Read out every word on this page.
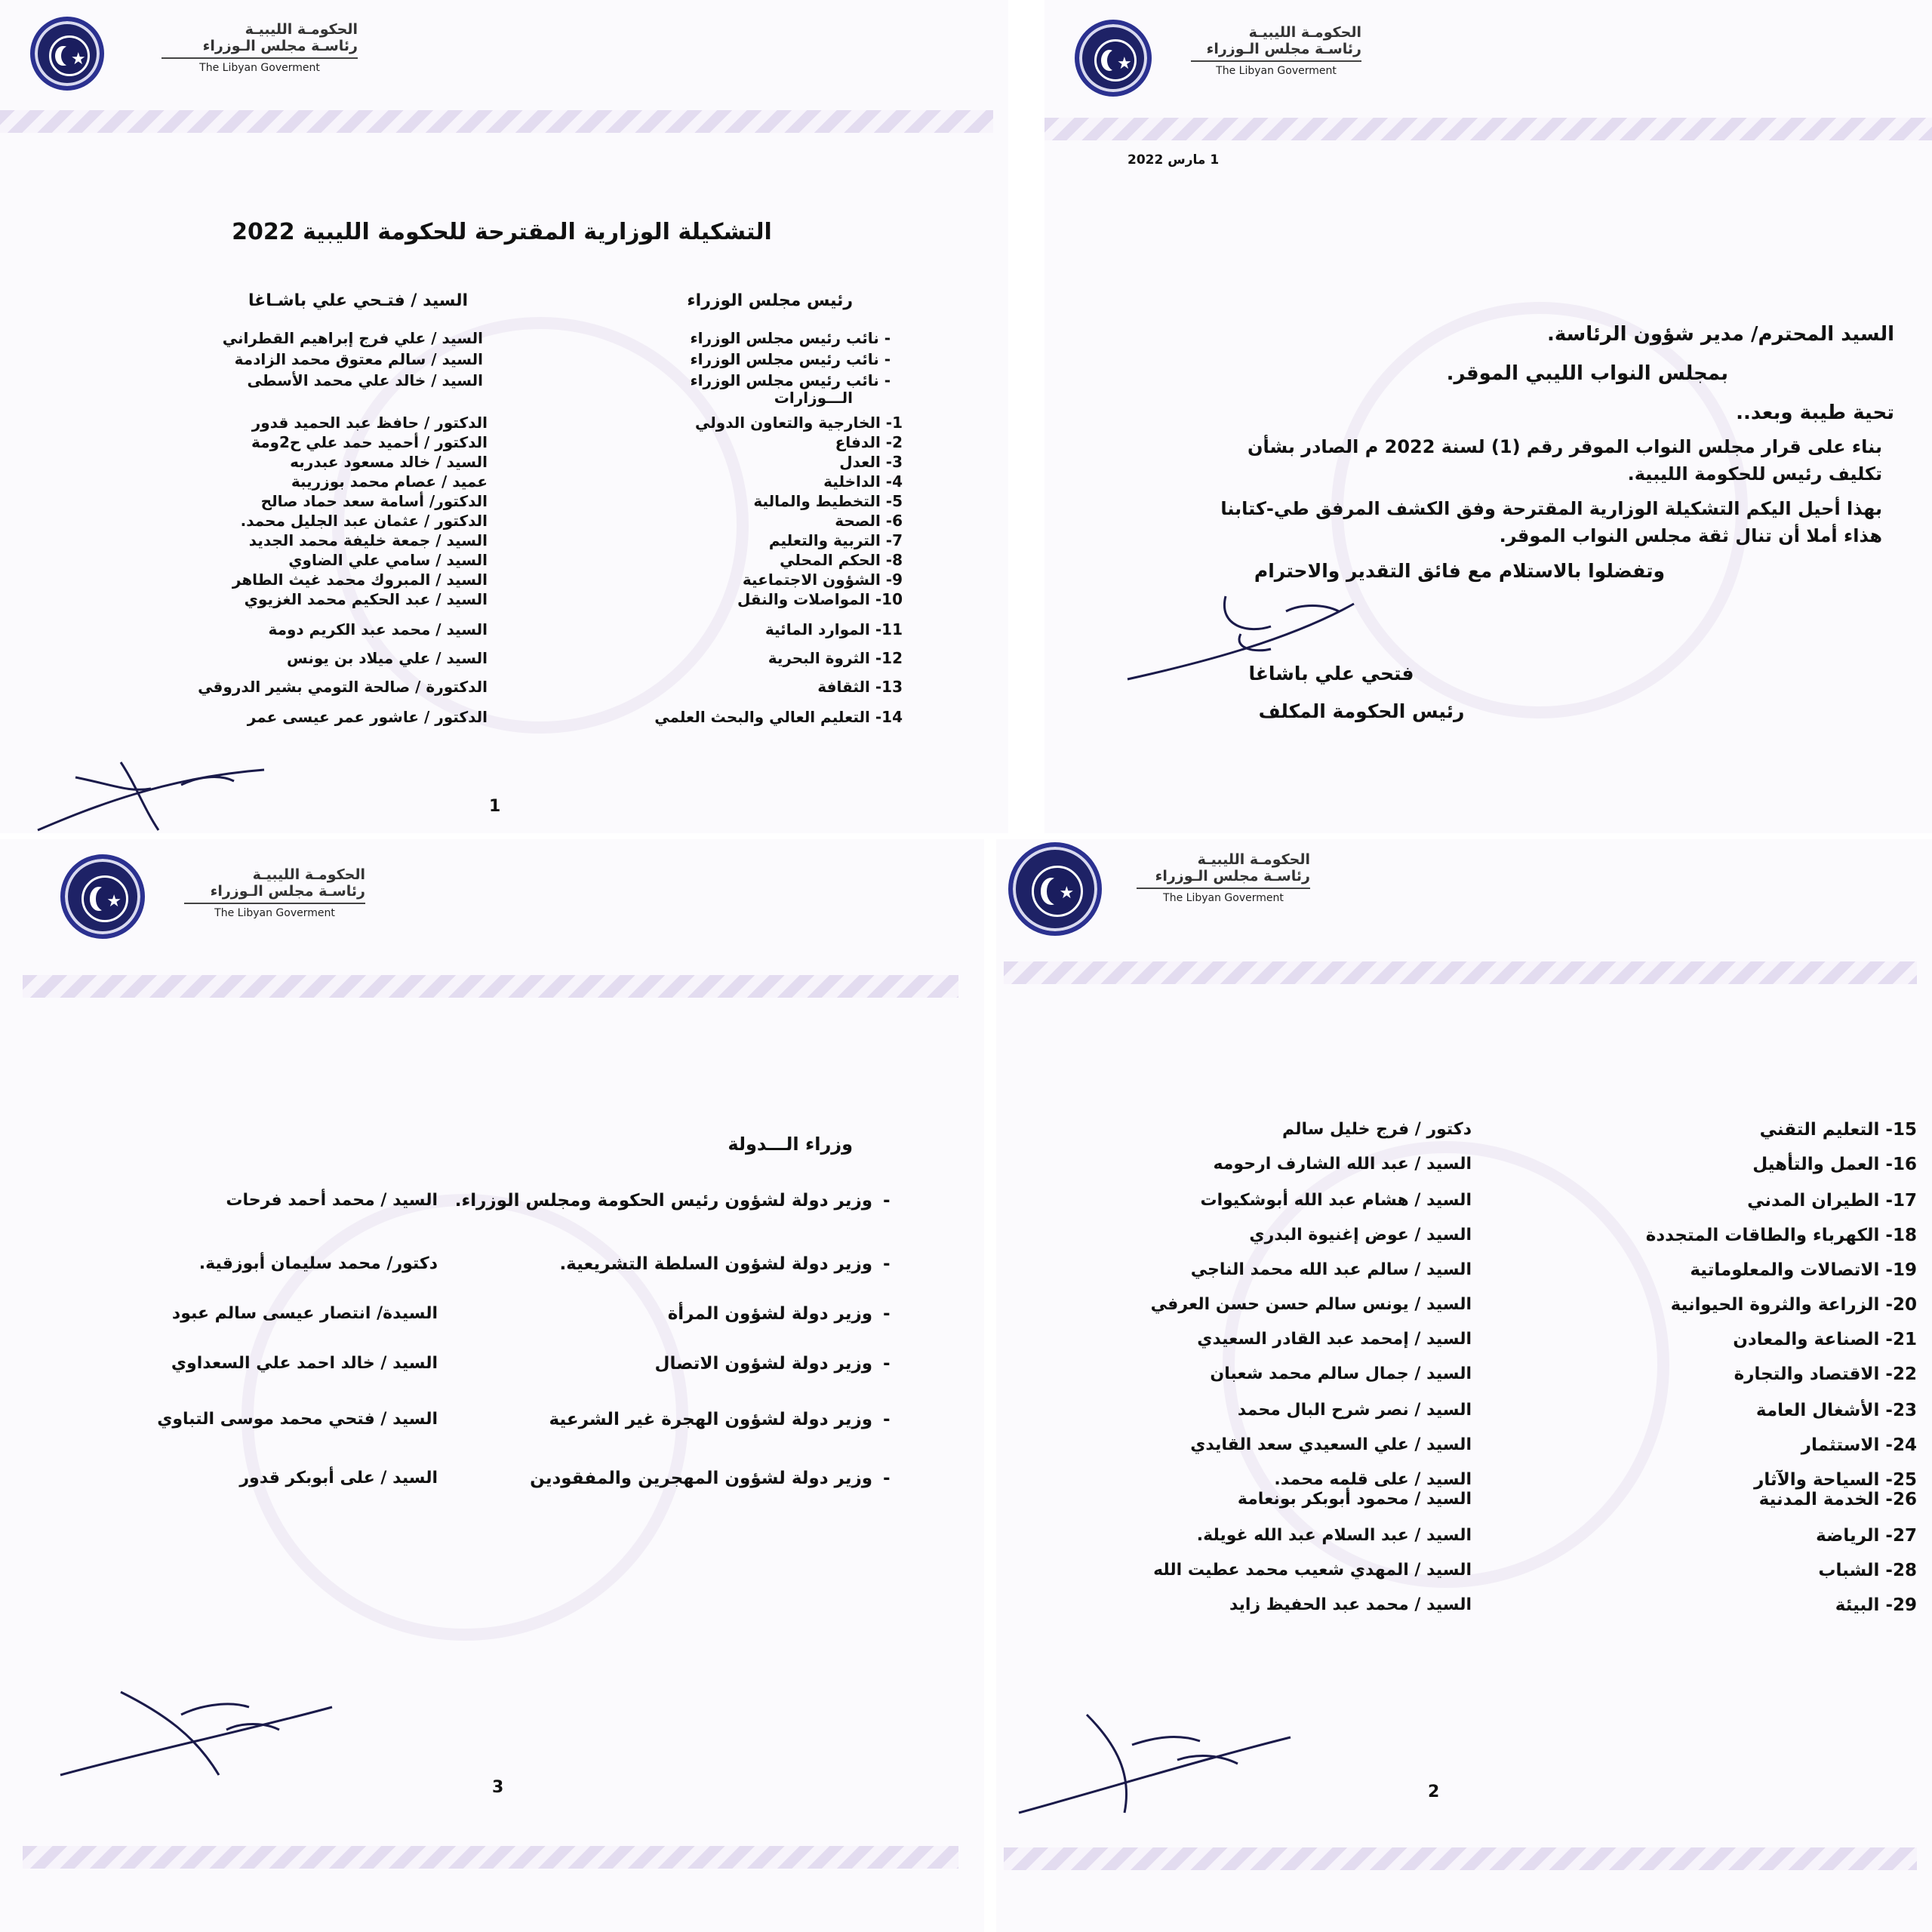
★
الحكومـة الليبيـة
رئاسـة مجلس الـوزراء
The Libyan Goverment
التشكيلة الوزارية المقترحة للحكومة الليبية 2022
رئيس مجلس الوزراء
السيد / فتـحي علي باشـاغا
- نائب رئيس مجلس الوزراء
السيد / علي فرج إبراهيم القطراني
- نائب رئيس مجلس الوزراء
السيد / سالم معتوق محمد الزادمة
- نائب رئيس مجلس الوزراء
السيد / خالد علي محمد الأسطى
1- الخارجية والتعاون الدولي
الدكتور / حافظ عبد الحميد قدور
2- الدفاع
الدكتور / أحميد حمد علي ح2ومة
3- العدل
السيد / خالد مسعود عبدربه
4- الداخلية
عميد / عصام محمد بوزريبة
5- التخطيط والمالية
الدكتور/ أسامة سعد حماد صالح
6- الصحة
الدكتور / عثمان عبد الجليل محمد.
7- التربية والتعليم
السيد / جمعة خليفة محمد الجديد
8- الحكم المحلي
السيد / سامي علي الضاوي
9- الشؤون الاجتماعية
السيد / المبروك محمد غيث الطاهر
10- المواصلات والنقل
السيد / عبد الحكيم محمد الغزيوي
11- الموارد المائية
السيد / محمد عبد الكريم دومة
12- الثروة البحرية
السيد / علي ميلاد بن يونس
13- الثقافة
الدكتورة / صالحة التومي بشير الدروقي
14- التعليم العالي والبحث العلمي
الدكتور / عاشور عمر عيسى عمر
الـــوزارات
1
★
الحكومـة الليبيـة
رئاسـة مجلس الـوزراء
The Libyan Goverment
1 مارس 2022
السيد المحترم/ مدير شؤون الرئاسة.
بمجلس النواب الليبي الموقر.
تحية طيبة وبعد..
بناء على قرار مجلس النواب الموقر رقم (1) لسنة 2022 م الصادر بشأن
تكليف رئيس للحكومة الليبية.
بهذا أحيل اليكم التشكيلة الوزارية المقترحة وفق الكشف المرفق طي-كتابنا
هذاء أملا أن تنال ثقة مجلس النواب الموقر.
وتفضلوا بالاستلام مع فائق التقدير والاحترام
فتحي علي باشاغا
رئيس الحكومة المكلف
★
الحكومـة الليبيـة
رئاسـة مجلس الـوزراء
The Libyan Goverment
وزراء الـــدولة
-
وزير دولة لشؤون رئيس الحكومة ومجلس الوزراء.
السيد / محمد أحمد فرحات
-
وزير دولة لشؤون السلطة التشريعية.
دكتور/ محمد سليمان أبوزقية.
-
وزير دولة لشؤون المرأة
السيدة/ انتصار عيسى سالم عبود
-
وزير دولة لشؤون الاتصال
السيد / خالد احمد علي السعداوي
-
وزير دولة لشؤون الهجرة غير الشرعية
السيد / فتحي محمد موسى التباوي
-
وزير دولة لشؤون المهجرين والمفقودين
السيد / على أبوبكر قدور
3
★
الحكومـة الليبيـة
رئاسـة مجلس الـوزراء
The Libyan Goverment
15- التعليم التقني
دكتور / فرج خليل سالم
16- العمل والتأهيل
السيد / عبد الله الشارف ارحومه
17- الطيران المدني
السيد / هشام عبد الله أبوشكيوات
18- الكهرباء والطاقات المتجددة
السيد / عوض إغنيوة البدري
19- الاتصالات والمعلوماتية
السيد / سالم عبد الله محمد الناجي
20- الزراعة والثروة الحيوانية
السيد / يونس سالم حسن حسن العرفي
21- الصناعة والمعادن
السيد / إمحمد عبد القادر السعيدي
22- الاقتصاد والتجارة
السيد / جمال سالم محمد شعبان
23- الأشغال العامة
السيد / نصر شرح البال محمد
24- الاستثمار
السيد / علي السعيدي سعد القايدي
25- السياحة والآثار
السيد / على قلمه محمد.
26- الخدمة المدنية
السيد / محمود أبوبكر بونعامة
27- الرياضة
السيد / عبد السلام عبد الله غويلة.
28- الشباب
السيد / المهدي شعيب محمد عطيت الله
29- البيئة
السيد / محمد عبد الحفيظ زايد
2
